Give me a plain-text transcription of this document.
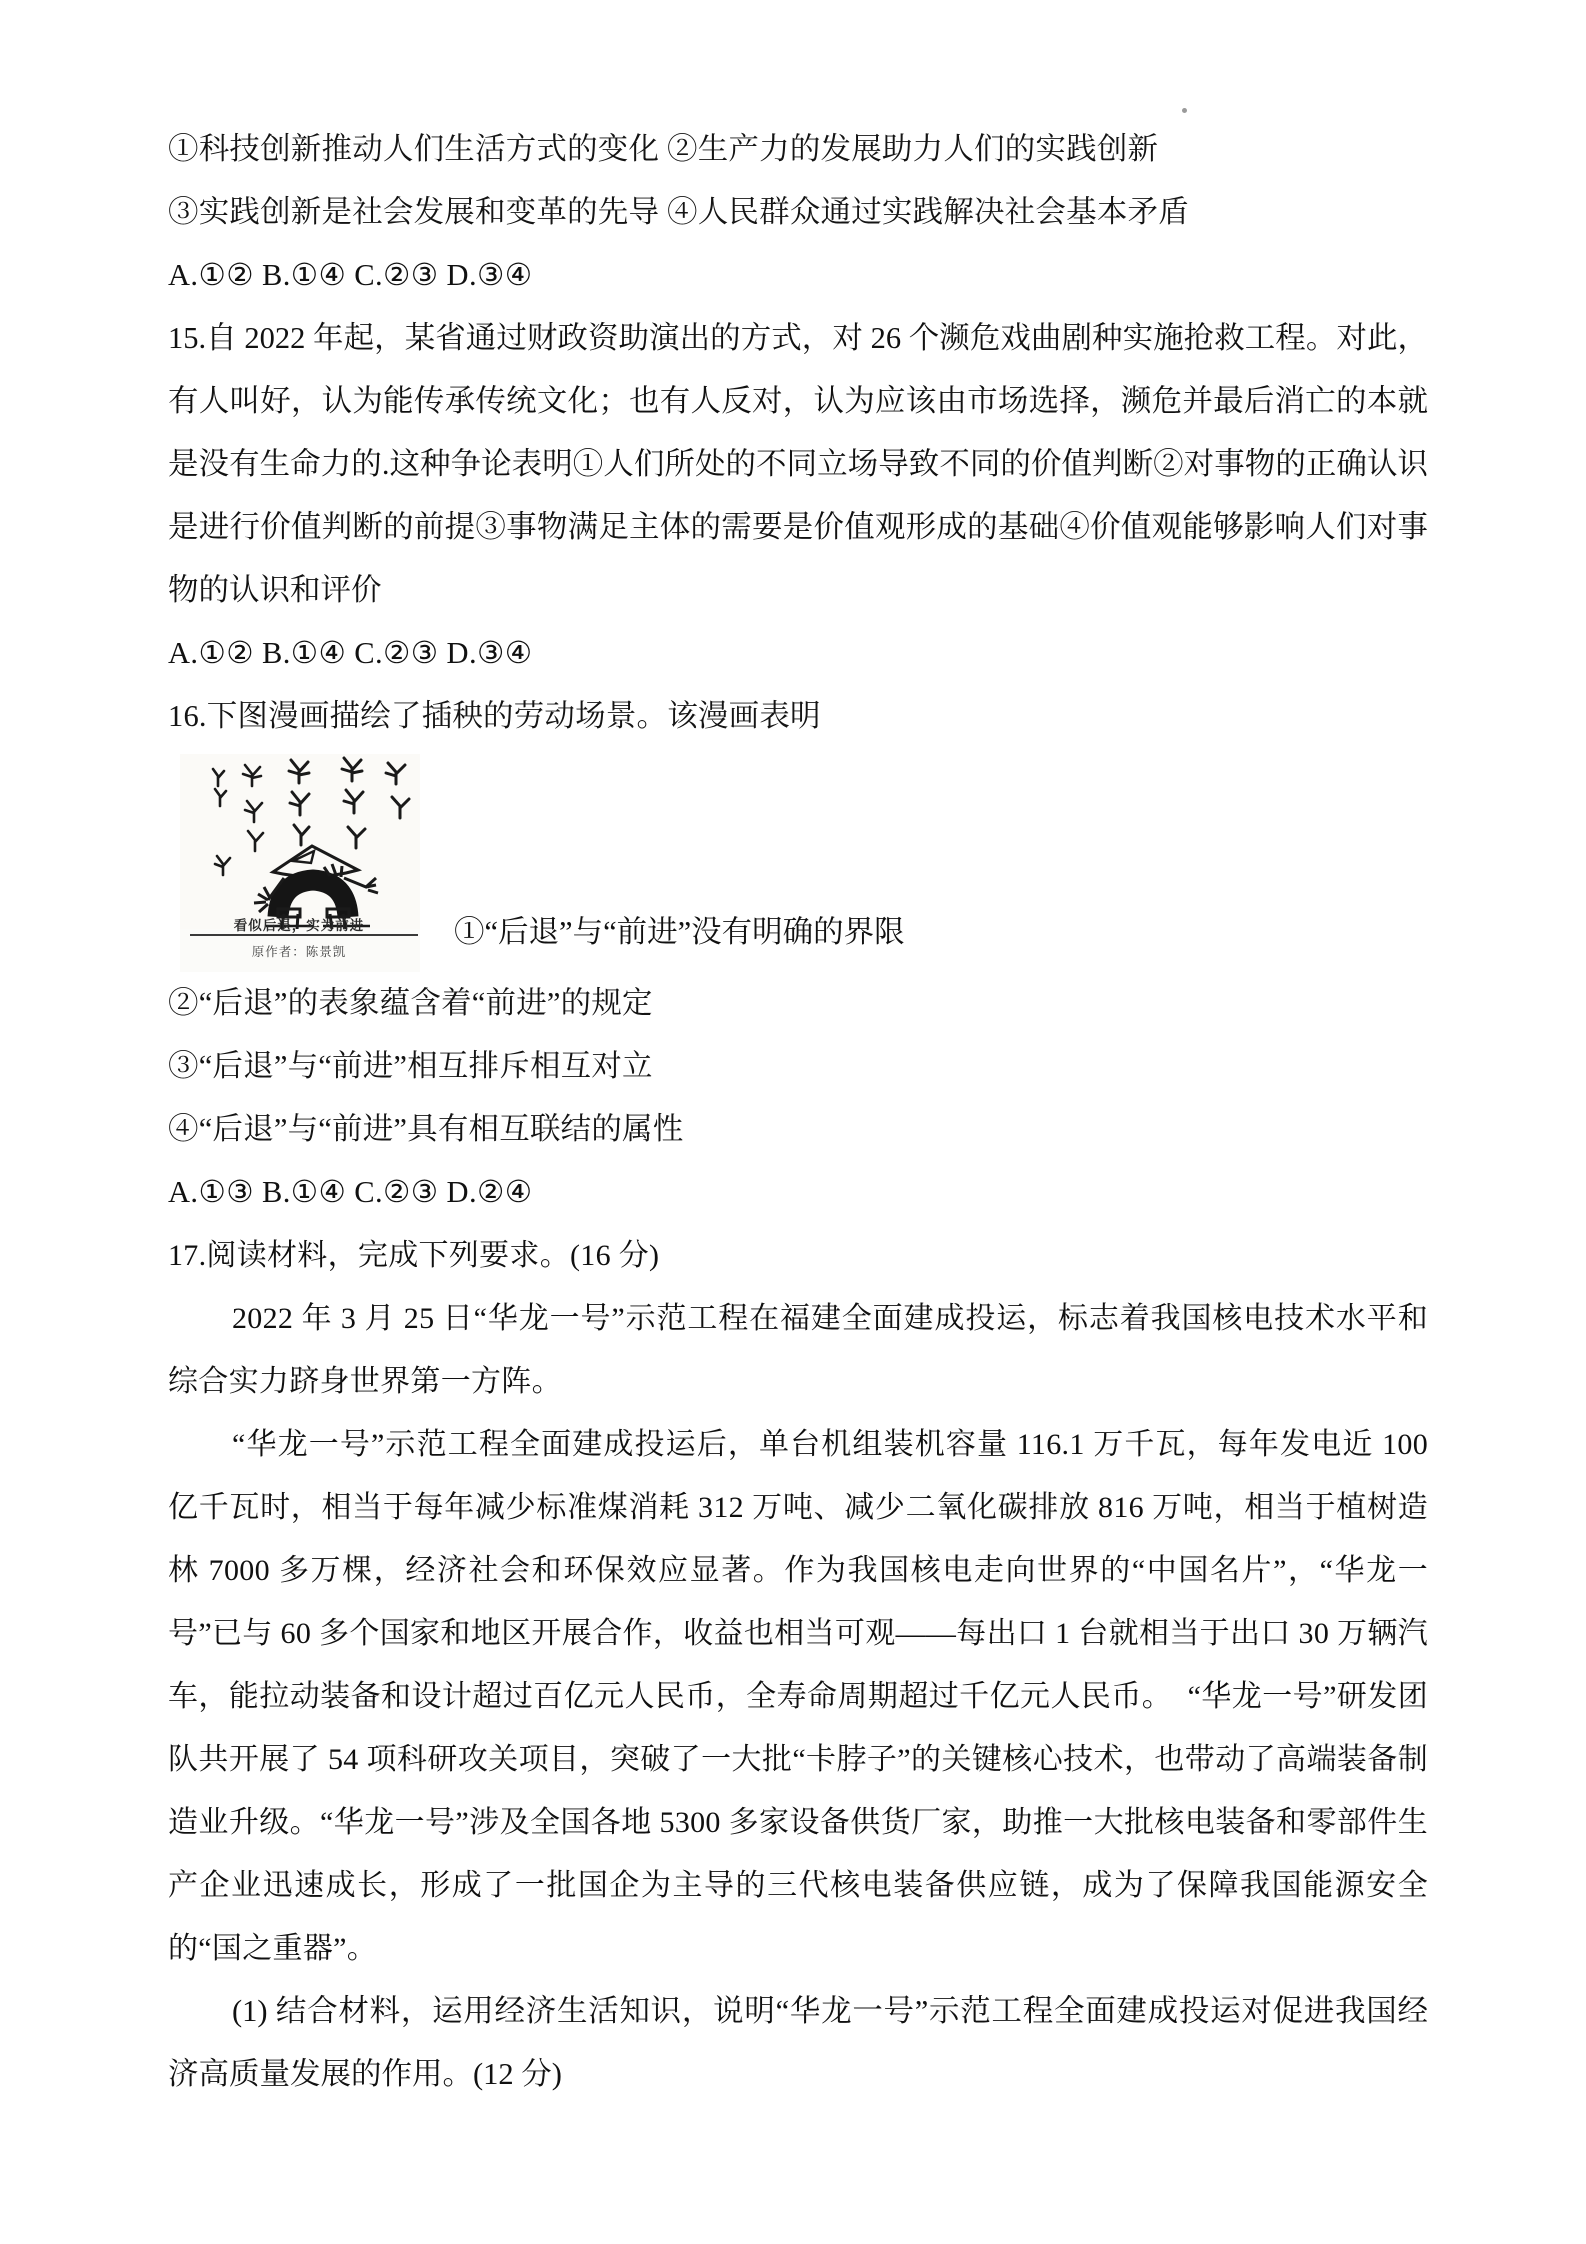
①科技创新推动人们生活方式的变化 ②生产力的发展助力人们的实践创新
③实践创新是社会发展和变革的先导 ④人民群众通过实践解决社会基本矛盾
A.①② B.①④ C.②③ D.③④
15.自 2022 年起，某省通过财政资助演出的方式，对 26 个濒危戏曲剧种实施抢救工程。对此，有人叫好，认为能传承传统文化；也有人反对，认为应该由市场选择，濒危并最后消亡的本就是没有生命力的.这种争论表明①人们所处的不同立场导致不同的价值判断②对事物的正确认识是进行价值判断的前提③事物满足主体的需要是价值观形成的基础④价值观能够影响人们对事物的认识和评价
A.①② B.①④ C.②③ D.③④
16.下图漫画描绘了插秧的劳动场景。该漫画表明
看似后退，实为前进
原作者：陈景凯
①“后退”与“前进”没有明确的界限
②“后退”的表象蕴含着“前进”的规定
③“后退”与“前进”相互排斥相互对立
④“后退”与“前进”具有相互联结的属性
A.①③ B.①④ C.②③ D.②④
17.阅读材料，完成下列要求。(16 分)
2022 年 3 月 25 日“华龙一号”示范工程在福建全面建成投运，标志着我国核电技术水平和综合实力跻身世界第一方阵。
“华龙一号”示范工程全面建成投运后，单台机组装机容量 116.1 万千瓦，每年发电近 100 亿千瓦时，相当于每年减少标准煤消耗 312 万吨、减少二氧化碳排放 816 万吨，相当于植树造林 7000 多万棵，经济社会和环保效应显著。作为我国核电走向世界的“中国名片”，“华龙一号”已与 60 多个国家和地区开展合作，收益也相当可观——每出口 1 台就相当于出口 30 万辆汽车，能拉动装备和设计超过百亿元人民币，全寿命周期超过千亿元人民币。　“华龙一号”研发团队共开展了 54 项科研攻关项目，突破了一大批“卡脖子”的关键核心技术，也带动了高端装备制造业升级。“华龙一号”涉及全国各地 5300 多家设备供货厂家，助推一大批核电装备和零部件生产企业迅速成长，形成了一批国企为主导的三代核电装备供应链，成为了保障我国能源安全的“国之重器”。
(1) 结合材料，运用经济生活知识，说明“华龙一号”示范工程全面建成投运对促进我国经济高质量发展的作用。(12 分)
